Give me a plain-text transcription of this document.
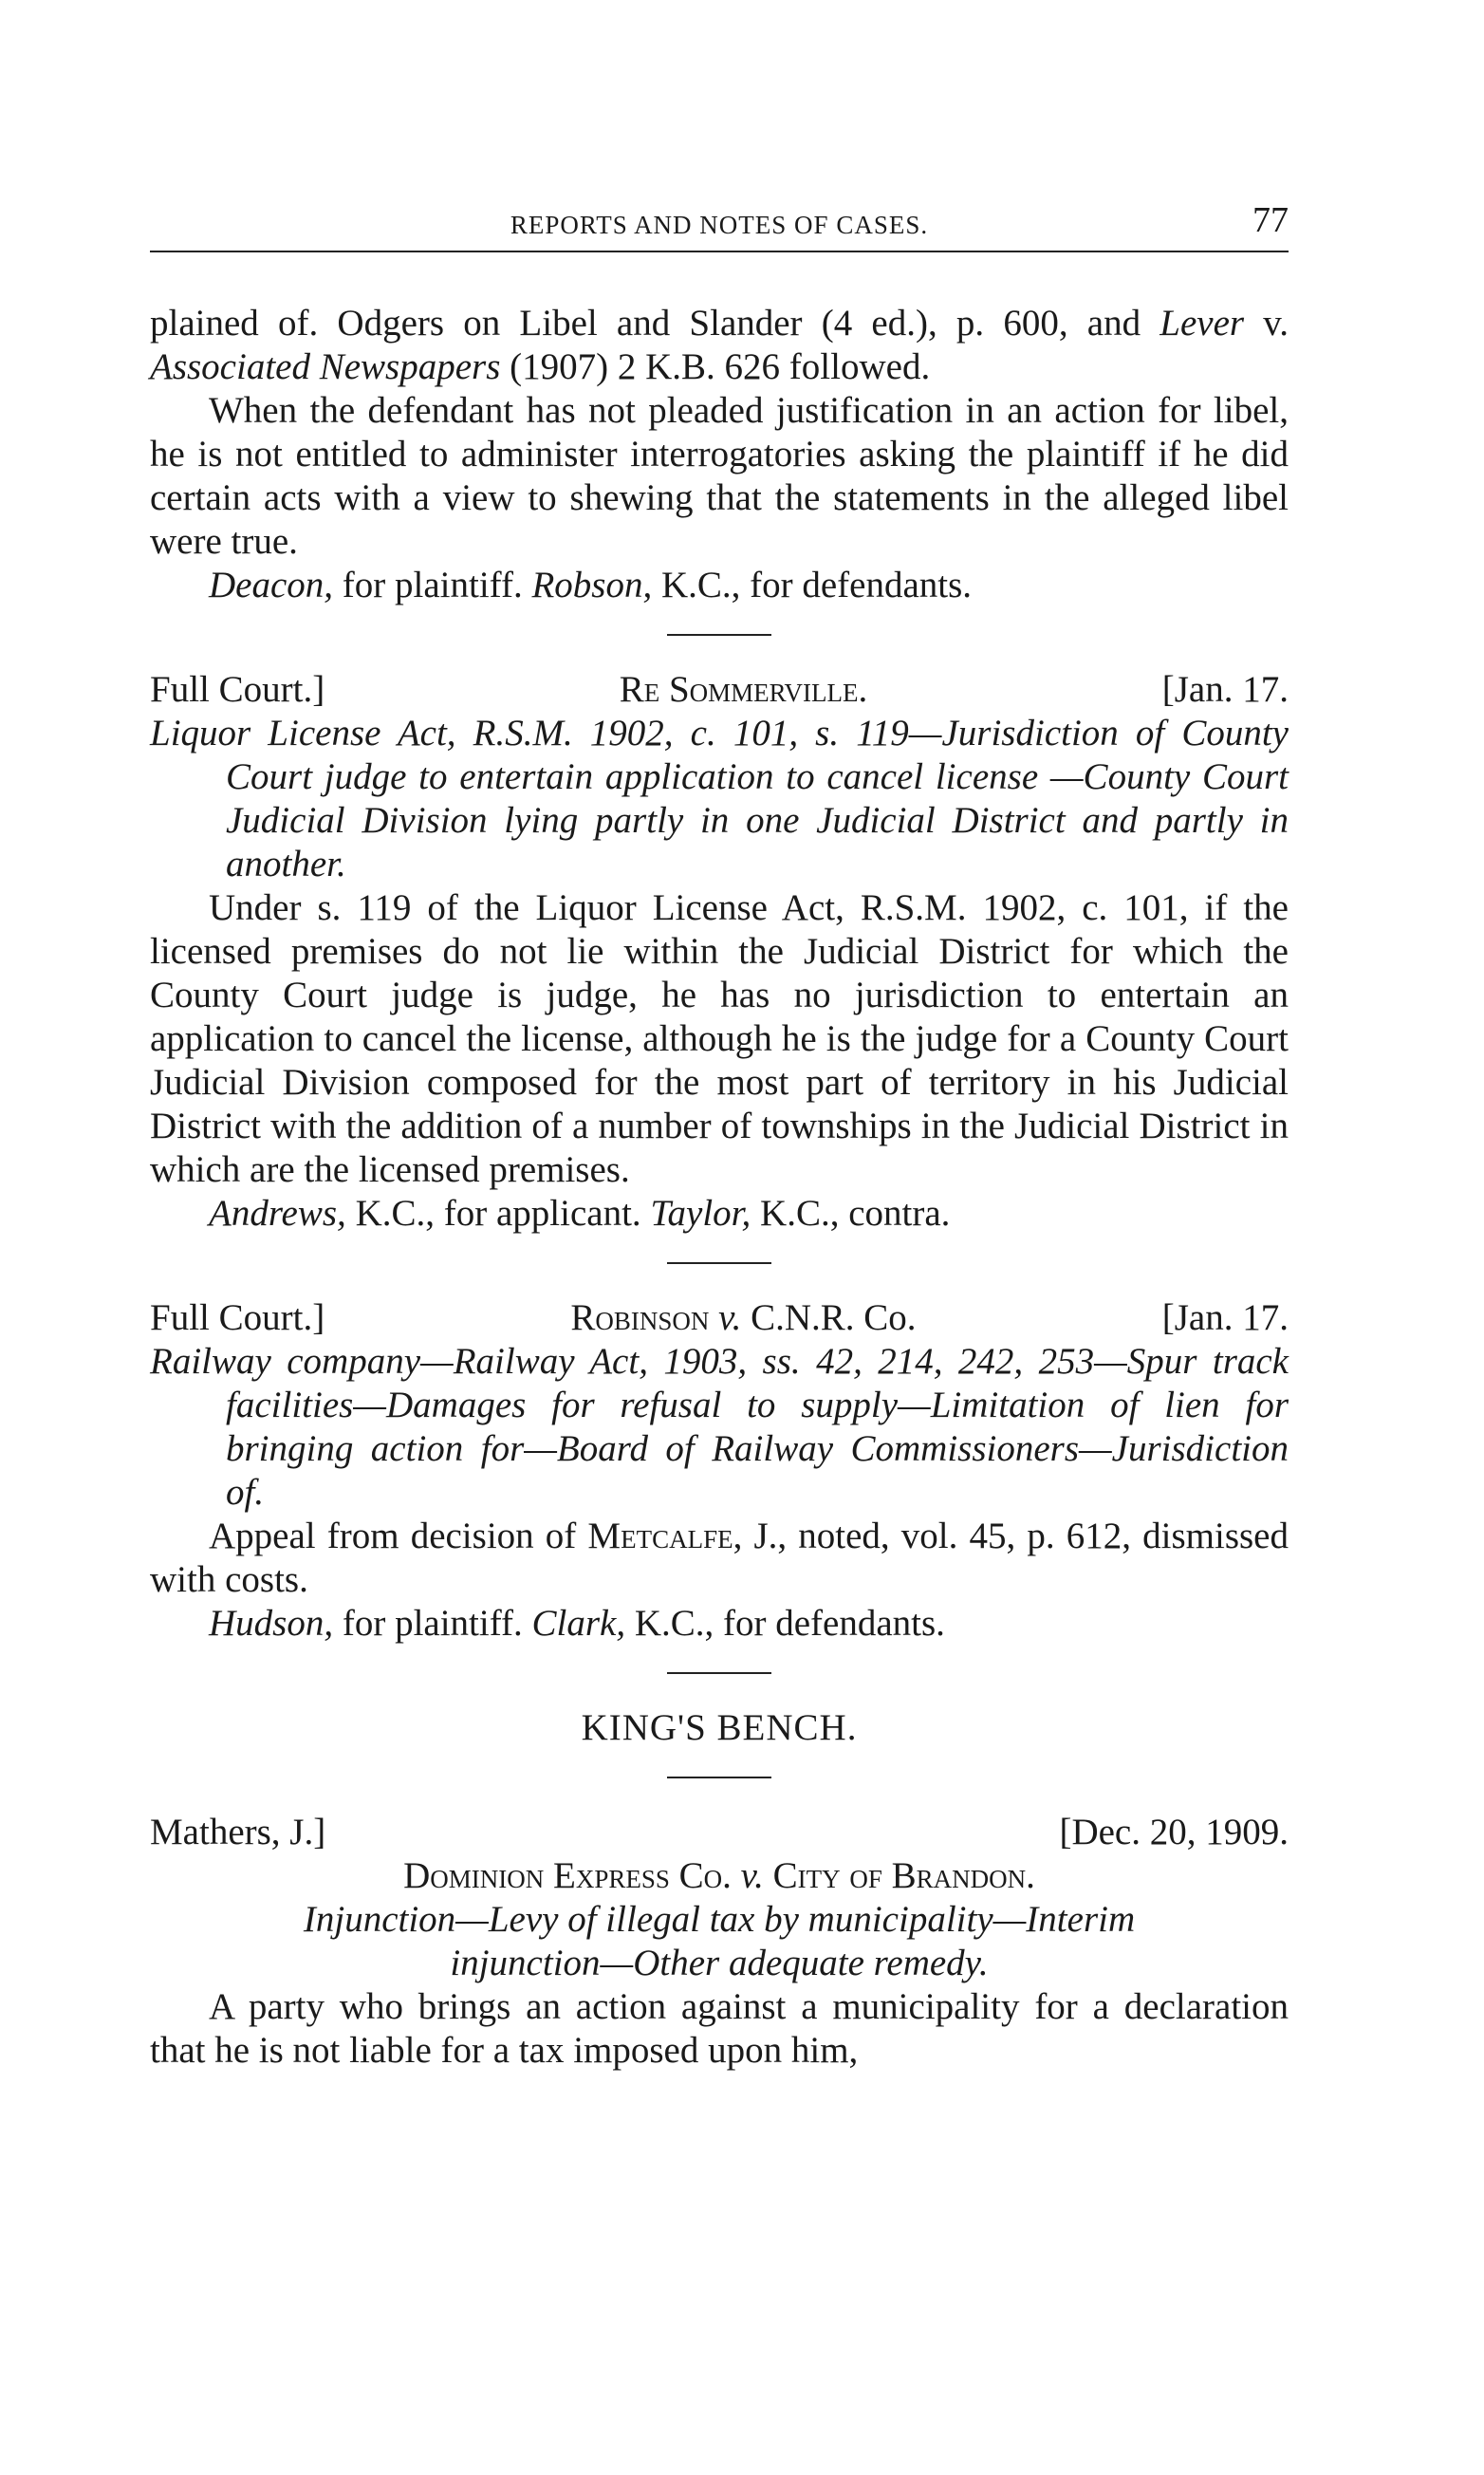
REPORTS AND NOTES OF CASES.	77

plained of. Odgers on Libel and Slander (4 ed.), p. 600, and Lever v. Associated Newspapers (1907) 2 K.B. 626 followed.

When the defendant has not pleaded justification in an action for libel, he is not entitled to administer interrogatories asking the plaintiff if he did certain acts with a view to shewing that the statements in the alleged libel were true.

Deacon, for plaintiff. Robson, K.C., for defendants.

Full Court.]	Re Sommerville.	[Jan. 17.

Liquor License Act, R.S.M. 1902, c. 101, s. 119—Jurisdiction of County Court judge to entertain application to cancel license —County Court Judicial Division lying partly in one Judicial District and partly in another.

Under s. 119 of the Liquor License Act, R.S.M. 1902, c. 101, if the licensed premises do not lie within the Judicial District for which the County Court judge is judge, he has no jurisdiction to entertain an application to cancel the license, although he is the judge for a County Court Judicial Division composed for the most part of territory in his Judicial District with the addition of a number of townships in the Judicial District in which are the licensed premises.

Andrews, K.C., for applicant. Taylor, K.C., contra.

Full Court.]	Robinson v. C.N.R. Co.	[Jan. 17.

Railway company—Railway Act, 1903, ss. 42, 214, 242, 253—Spur track facilities—Damages for refusal to supply—Limitation of lien for bringing action for—Board of Railway Commissioners—Jurisdiction of.

Appeal from decision of Metcalfe, J., noted, vol. 45, p. 612, dismissed with costs.

Hudson, for plaintiff. Clark, K.C., for defendants.

KING'S BENCH.
Mathers, J.]	[Dec. 20, 1909.

Dominion Express Co. v. City of Brandon.

Injunction—Levy of illegal tax by municipality—Interim injunction—Other adequate remedy.

A party who brings an action against a municipality for a declaration that he is not liable for a tax imposed upon him,
